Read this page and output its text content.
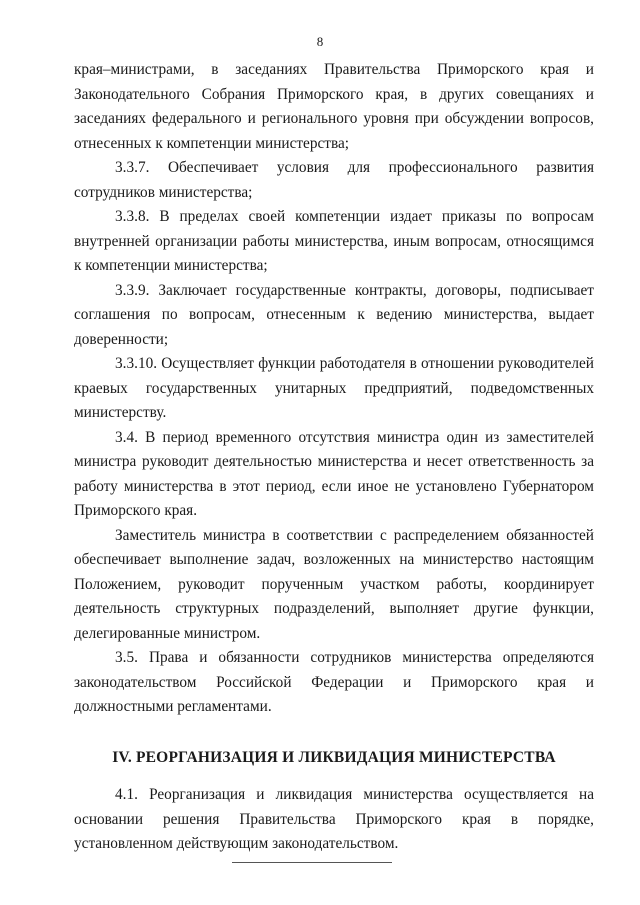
8

края–министрами, в заседаниях Правительства Приморского края и Законодательного Собрания Приморского края, в других совещаниях и заседаниях федерального и регионального уровня при обсуждении вопросов, отнесенных к компетенции министерства;

3.3.7. Обеспечивает условия для профессионального развития сотрудников министерства;

3.3.8. В пределах своей компетенции издает приказы по вопросам внутренней организации работы министерства, иным вопросам, относящимся к компетенции министерства;

3.3.9. Заключает государственные контракты, договоры, подписывает соглашения по вопросам, отнесенным к ведению министерства, выдает доверенности;

3.3.10. Осуществляет функции работодателя в отношении руководителей краевых государственных унитарных предприятий, подведомственных министерству.

3.4. В период временного отсутствия министра один из заместителей министра руководит деятельностью министерства и несет ответственность за работу министерства в этот период, если иное не установлено Губернатором Приморского края.

Заместитель министра в соответствии с распределением обязанностей обеспечивает выполнение задач, возложенных на министерство настоящим Положением, руководит порученным участком работы, координирует деятельность структурных подразделений, выполняет другие функции, делегированные министром.

3.5. Права и обязанности сотрудников министерства определяются законодательством Российской Федерации и Приморского края и должностными регламентами.

IV. РЕОРГАНИЗАЦИЯ И ЛИКВИДАЦИЯ МИНИСТЕРСТВА

4.1. Реорганизация и ликвидация министерства осуществляется на основании решения Правительства Приморского края в порядке, установленном действующим законодательством.
